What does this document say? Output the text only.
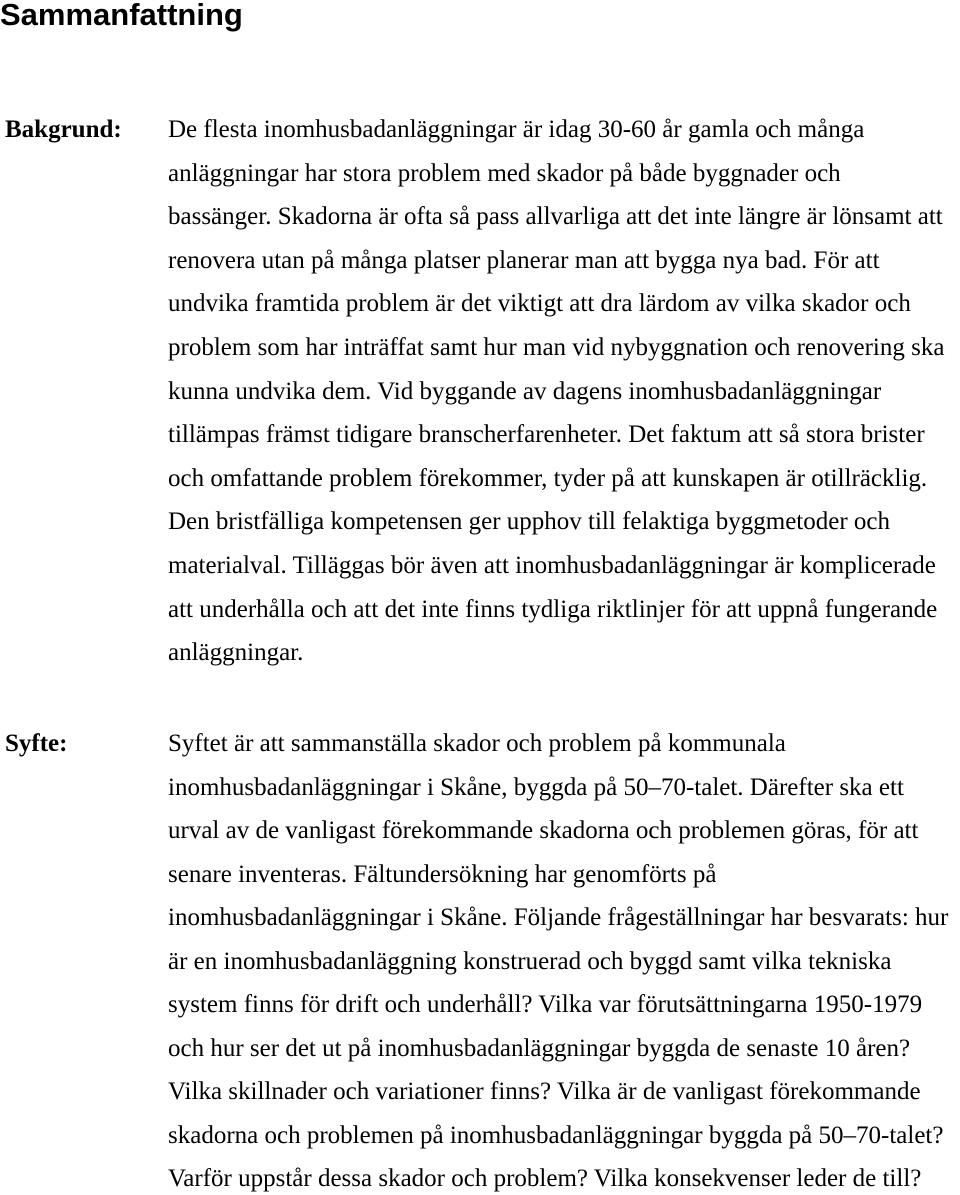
Sammanfattning
Bakgrund: De flesta inomhusbadanläggningar är idag 30-60 år gamla och många
anläggningar har stora problem med skador på både byggnader och
bassänger. Skadorna är ofta så pass allvarliga att det inte längre är lönsamt att
renovera utan på många platser planerar man att bygga nya bad. För att
undvika framtida problem är det viktigt att dra lärdom av vilka skador och
problem som har inträffat samt hur man vid nybyggnation och renovering ska
kunna undvika dem. Vid byggande av dagens inomhusbadanläggningar
tillämpas främst tidigare branscherfarenheter. Det faktum att så stora brister
och omfattande problem förekommer, tyder på att kunskapen är otillräcklig.
Den bristfälliga kompetensen ger upphov till felaktiga byggmetoder och
materialval. Tilläggas bör även att inomhusbadanläggningar är komplicerade
att underhålla och att det inte finns tydliga riktlinjer för att uppnå fungerande
anläggningar.
Syfte:	Syftet är att sammanställa skador och problem på kommunala
inomhusbadanläggningar i Skåne, byggda på 50–70-talet. Därefter ska ett
urval av de vanligast förekommande skadorna och problemen göras, för att
senare inventeras. Fältundersökning har genomförts på
inomhusbadanläggningar i Skåne. Följande frågeställningar har besvarats: hur
är en inomhusbadanläggning konstruerad och byggd samt vilka tekniska
system finns för drift och underhåll? Vilka var förutsättningarna 1950-1979
och hur ser det ut på inomhusbadanläggningar byggda de senaste 10 åren?
Vilka skillnader och variationer finns? Vilka är de vanligast förekommande
skadorna och problemen på inomhusbadanläggningar byggda på 50–70-talet?
Varför uppstår dessa skador och problem? Vilka konsekvenser leder de till?
